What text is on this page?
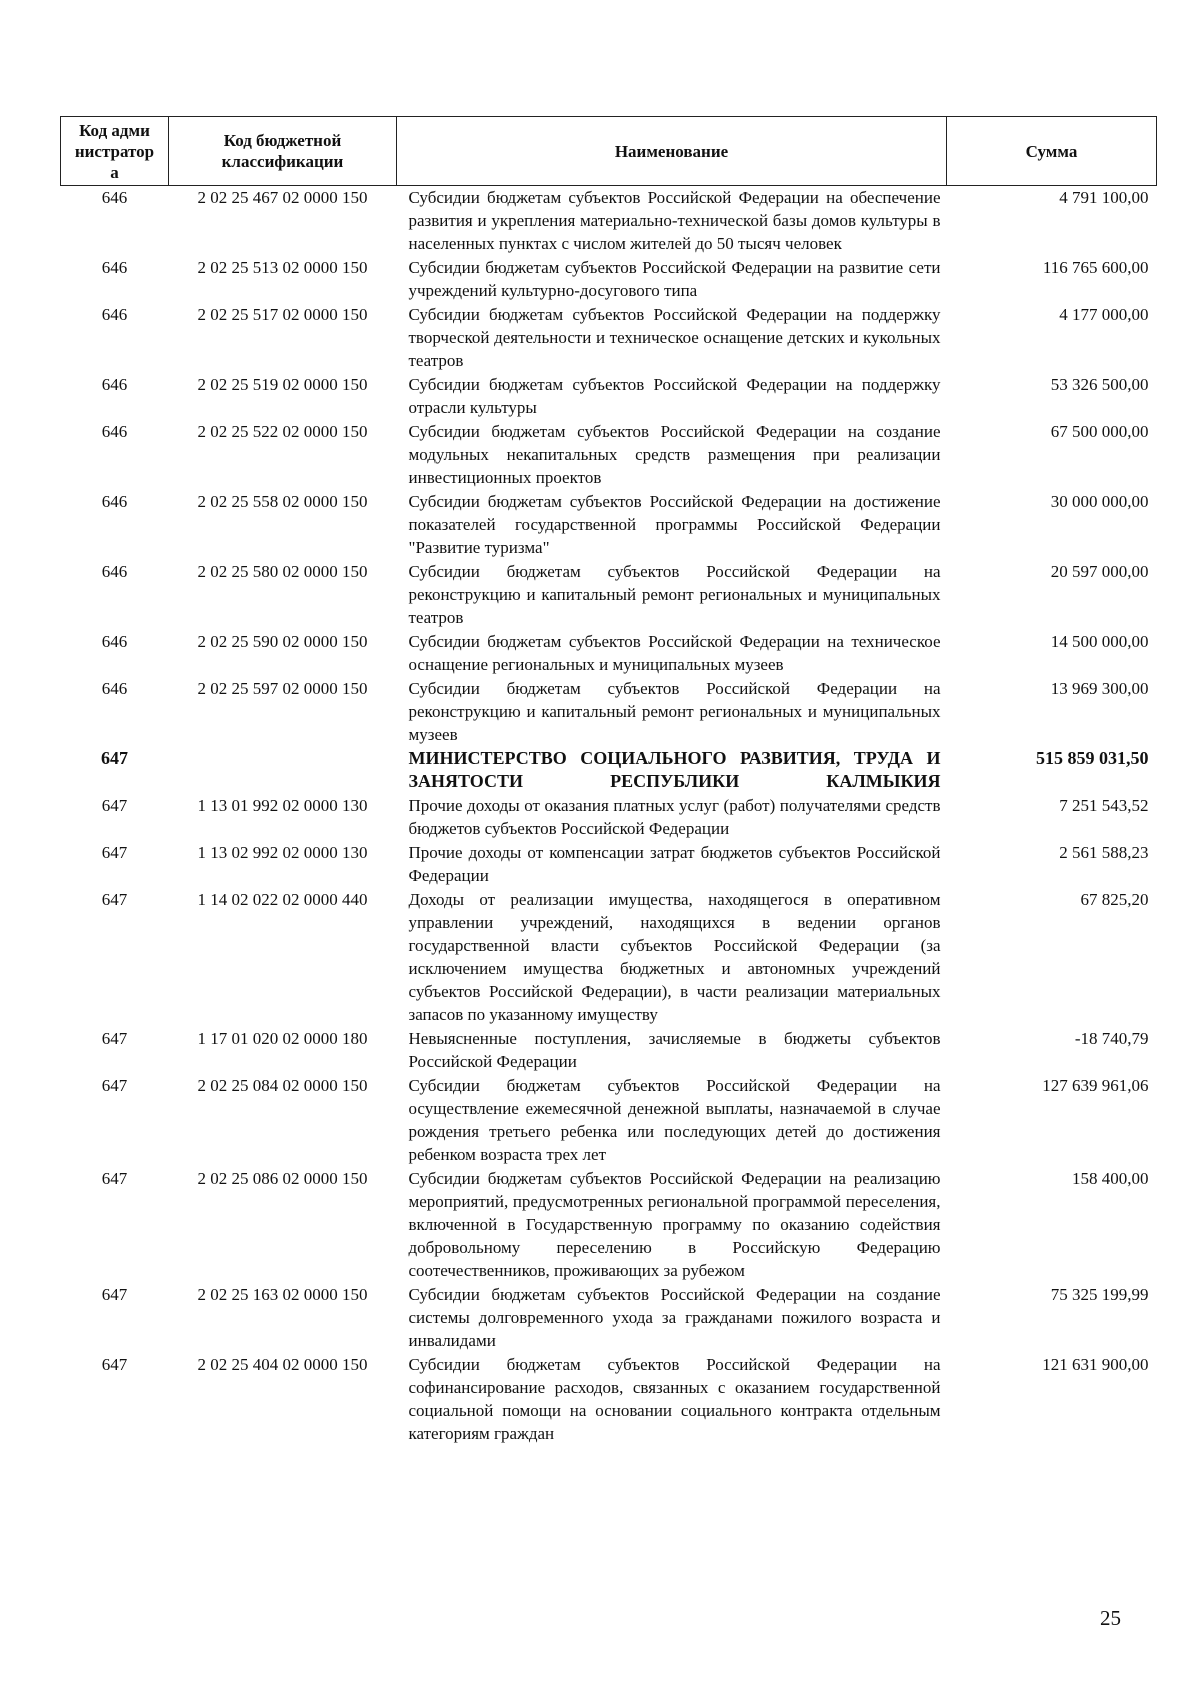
Код администратора	Код бюджетной классификации	Наименование	Сумма
646	2 02 25 467 02 0000 150	Субсидии бюджетам субъектов Российской Федерации на обеспечение развития и укрепления материально-технической базы домов культуры в населенных пунктах с числом жителей до 50 тысяч человек	4 791 100,00
646	2 02 25 513 02 0000 150	Субсидии бюджетам субъектов Российской Федерации на развитие сети учреждений культурно-досугового типа	116 765 600,00
646	2 02 25 517 02 0000 150	Субсидии бюджетам субъектов Российской Федерации на поддержку творческой деятельности и техническое оснащение детских и кукольных театров	4 177 000,00
646	2 02 25 519 02 0000 150	Субсидии бюджетам субъектов Российской Федерации на поддержку отрасли культуры	53 326 500,00
646	2 02 25 522 02 0000 150	Субсидии бюджетам субъектов Российской Федерации на создание модульных некапитальных средств размещения при реализации инвестиционных проектов	67 500 000,00
646	2 02 25 558 02 0000 150	Субсидии бюджетам субъектов Российской Федерации на достижение показателей государственной программы Российской Федерации "Развитие туризма"	30 000 000,00
646	2 02 25 580 02 0000 150	Субсидии бюджетам субъектов Российской Федерации на реконструкцию и капитальный ремонт региональных и муниципальных театров	20 597 000,00
646	2 02 25 590 02 0000 150	Субсидии бюджетам субъектов Российской Федерации на техническое оснащение региональных и муниципальных музеев	14 500 000,00
646	2 02 25 597 02 0000 150	Субсидии бюджетам субъектов Российской Федерации на реконструкцию и капитальный ремонт региональных и муниципальных музеев	13 969 300,00
647		МИНИСТЕРСТВО СОЦИАЛЬНОГО РАЗВИТИЯ, ТРУДА И ЗАНЯТОСТИ РЕСПУБЛИКИ КАЛМЫКИЯ	515 859 031,50
647	1 13 01 992 02 0000 130	Прочие доходы от оказания платных услуг (работ) получателями средств бюджетов субъектов Российской Федерации	7 251 543,52
647	1 13 02 992 02 0000 130	Прочие доходы от компенсации затрат бюджетов субъектов Российской Федерации	2 561 588,23
647	1 14 02 022 02 0000 440	Доходы от реализации имущества, находящегося в оперативном управлении учреждений, находящихся в ведении органов государственной власти субъектов Российской Федерации (за исключением имущества бюджетных и автономных учреждений субъектов Российской Федерации), в части реализации материальных запасов по указанному имуществу	67 825,20
647	1 17 01 020 02 0000 180	Невыясненные поступления, зачисляемые в бюджеты субъектов Российской Федерации	-18 740,79
647	2 02 25 084 02 0000 150	Субсидии бюджетам субъектов Российской Федерации на осуществление ежемесячной денежной выплаты, назначаемой в случае рождения третьего ребенка или последующих детей до достижения ребенком возраста трех лет	127 639 961,06
647	2 02 25 086 02 0000 150	Субсидии бюджетам субъектов Российской Федерации на реализацию мероприятий, предусмотренных региональной программой переселения, включенной в Государственную программу по оказанию содействия добровольному переселению в Российскую Федерацию соотечественников, проживающих за рубежом	158 400,00
647	2 02 25 163 02 0000 150	Субсидии бюджетам субъектов Российской Федерации на создание системы долговременного ухода за гражданами пожилого возраста и инвалидами	75 325 199,99
647	2 02 25 404 02 0000 150	Субсидии бюджетам субъектов Российской Федерации на софинансирование расходов, связанных с оказанием государственной социальной помощи на основании социального контракта отдельным категориям граждан	121 631 900,00
25
